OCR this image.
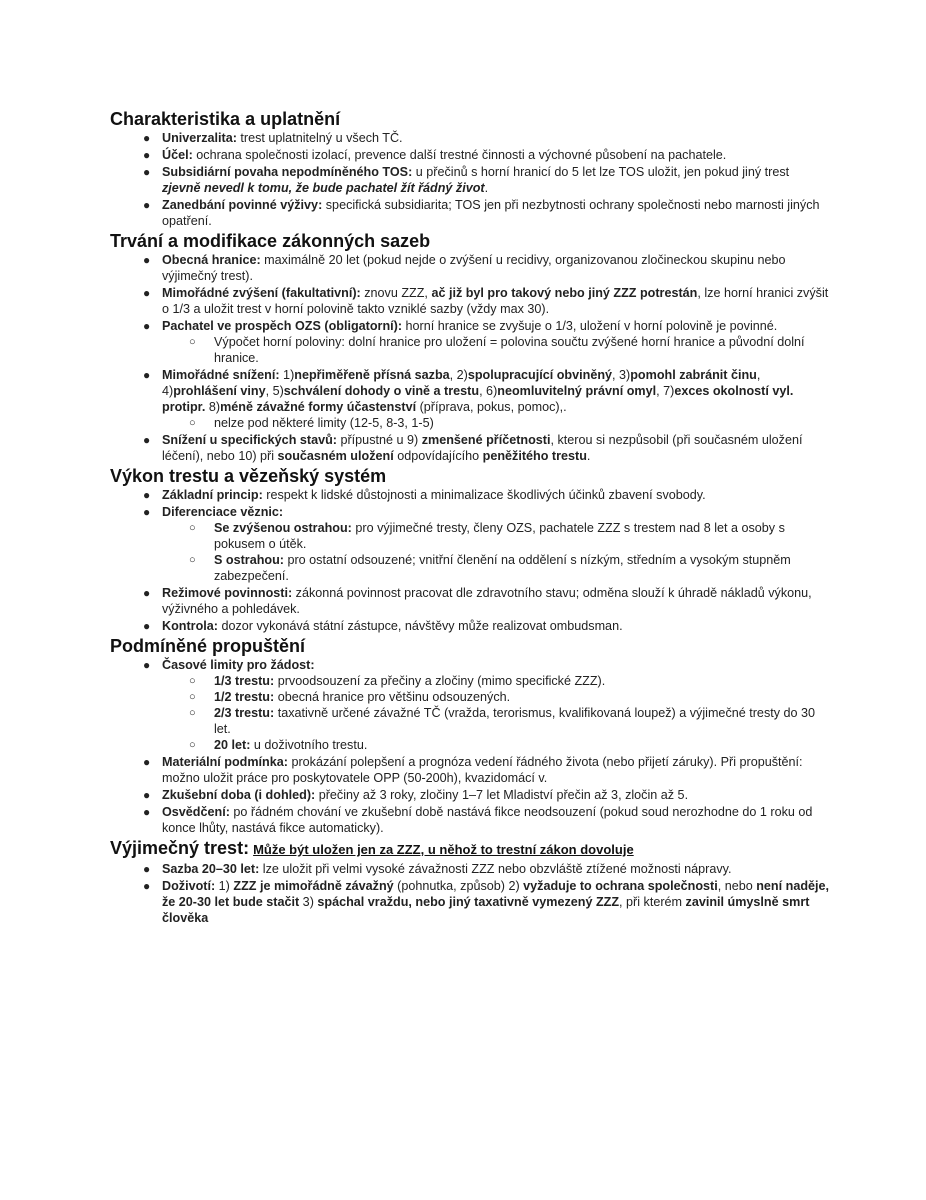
Charakteristika a uplatnění
● Univerzalita: trest uplatnitelný u všech TČ.
● Účel: ochrana společnosti izolací, prevence další trestné činnosti a výchovné působení na pachatele.
● Subsidiární povaha nepodmíněného TOS: u přečinů s horní hranicí do 5 let lze TOS uložit, jen pokud jiný trest zjevně nevedl k tomu, že bude pachatel žít řádný život.
● Zanedbání povinné výživy: specifická subsidiarita; TOS jen při nezbytnosti ochrany společnosti nebo marnosti jiných opatření.
Trvání a modifikace zákonných sazeb
● Obecná hranice: maximálně 20 let (pokud nejde o zvýšení u recidivy, organizovanou zločineckou skupinu nebo výjimečný trest).
● Mimořádné zvýšení (fakultativní): znovu ZZZ, ač již byl pro takový nebo jiný ZZZ potrestán, lze horní hranici zvýšit o 1/3 a uložit trest v horní polovině takto vzniklé sazby (vždy max 30).
● Pachatel ve prospěch OZS (obligatorní): horní hranice se zvyšuje o 1/3, uložení v horní polovině je povinné.
○ Výpočet horní poloviny: dolní hranice pro uložení = polovina součtu zvýšené horní hranice a původní dolní hranice.
● Mimořádné snížení: 1)nepřiměřeně přísná sazba, 2)spolupracující obviněný, 3)pomohl zabránit činu, 4)prohlášení viny, 5)schválení dohody o vině a trestu, 6)neomluvitelný právní omyl, 7)exces okolností vyl. protipr. 8)méně závažné formy účastenství (příprava, pokus, pomoc),.
○ nelze pod některé limity (12-5, 8-3, 1-5)
● Snížení u specifických stavů: přípustné u 9) zmenšené příčetnosti, kterou si nezpůsobil (při současném uložení léčení), nebo 10) při současném uložení odpovídajícího peněžitého trestu.
Výkon trestu a vězeňský systém
● Základní princip: respekt k lidské důstojnosti a minimalizace škodlivých účinků zbavení svobody.
● Diferenciace věznic:
○ Se zvýšenou ostrahou: pro výjimečné tresty, členy OZS, pachatele ZZZ s trestem nad 8 let a osoby s pokusem o útěk.
○ S ostrahou: pro ostatní odsouzené; vnitřní členění na oddělení s nízkým, středním a vysokým stupněm zabezpečení.
● Režimové povinnosti: zákonná povinnost pracovat dle zdravotního stavu; odměna slouží k úhradě nákladů výkonu, výživného a pohledávek.
● Kontrola: dozor vykonává státní zástupce, návštěvy může realizovat ombudsman.
Podmíněné propuštění
● Časové limity pro žádost:
○ 1/3 trestu: prvoodsouzení za přečiny a zločiny (mimo specifické ZZZ).
○ 1/2 trestu: obecná hranice pro většinu odsouzených.
○ 2/3 trestu: taxativně určené závažné TČ (vražda, terorismus, kvalifikovaná loupež) a výjimečné tresty do 30 let.
○ 20 let: u doživotního trestu.
● Materiální podmínka: prokázání polepšení a prognóza vedení řádného života (nebo přijetí záruky). Při propuštění: možno uložit práce pro poskytovatele OPP (50-200h), kvazidomácí v.
● Zkušební doba (i dohled): přečiny až 3 roky, zločiny 1–7 let Mladiství přečin až 3, zločin až 5.
● Osvědčení: po řádném chování ve zkušební době nastává fikce neodsouzení (pokud soud nerozhodne do 1 roku od konce lhůty, nastává fikce automaticky).
Výjimečný trest: Může být uložen jen za ZZZ, u něhož to trestní zákon dovoluje
● Sazba 20–30 let: lze uložit při velmi vysoké závažnosti ZZZ nebo obzvláště ztížené možnosti nápravy.
● Doživotí: 1) ZZZ je mimořádně závažný (pohnutka, způsob) 2) vyžaduje to ochrana společnosti, nebo není naděje, že 20-30 let bude stačit 3) spáchal vraždu, nebo jiný taxativně vymezený ZZZ, při kterém zavinil úmyslně smrt člověka
